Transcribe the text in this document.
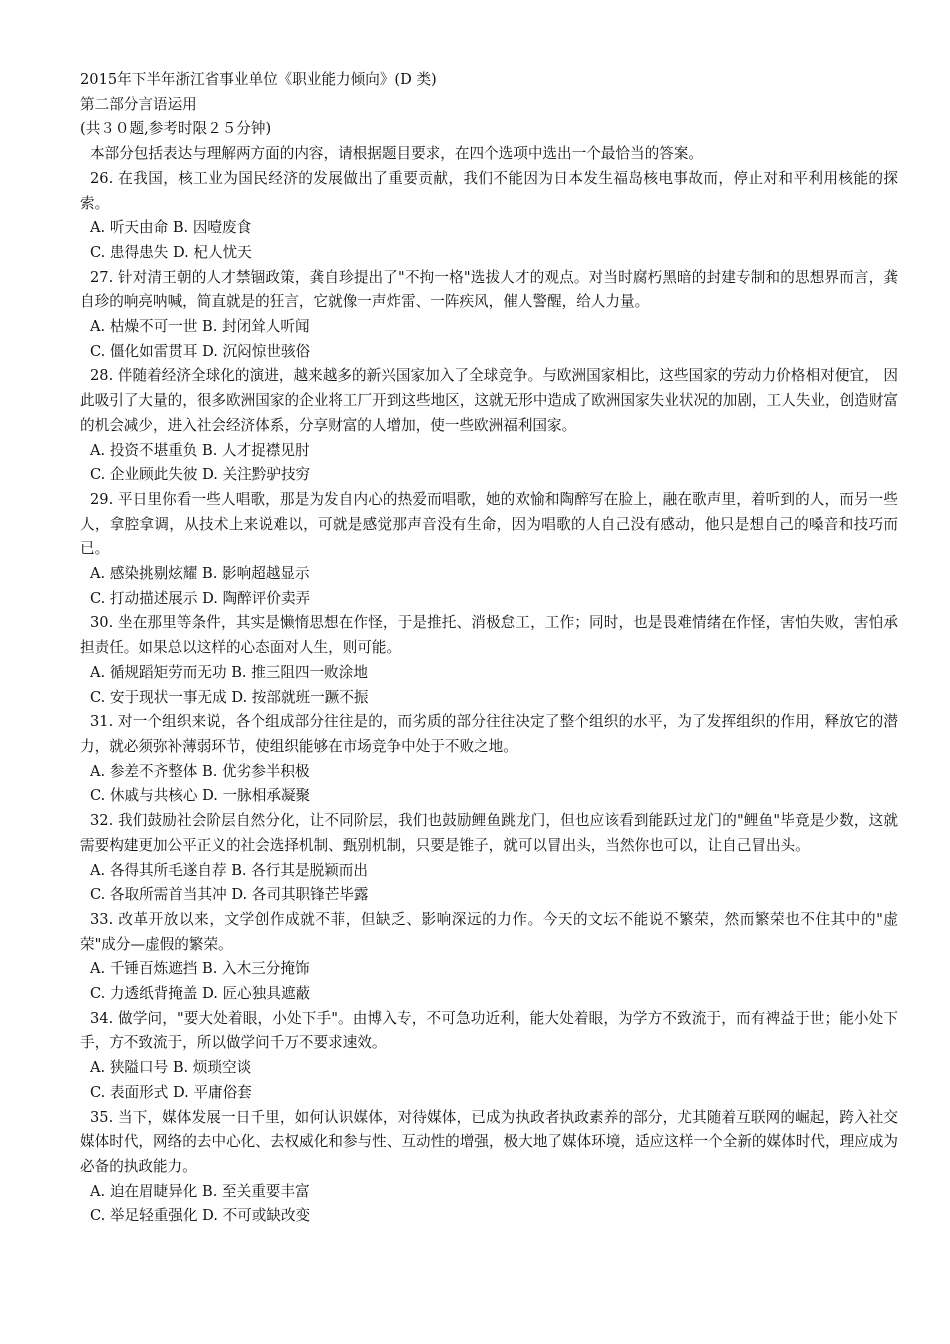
2015年下半年浙江省事业单位《职业能力倾向》(D 类)
第二部分言语运用
(共３０题,参考时限２５分钟)
本部分包括表达与理解两方面的内容，请根据题目要求，在四个选项中选出一个最恰当的答案。
26. 在我国，核工业为国民经济的发展做出了重要贡献，我们不能因为日本发生福岛核电事故而，停止对和平利用核能的探索。
A. 听天由命 B. 因噎废食
C. 患得患失 D. 杞人忧天
27. 针对清王朝的人才禁锢政策，龚自珍提出了"不拘一格"选拔人才的观点。对当时腐朽黑暗的封建专制和的思想界而言，龚自珍的响亮呐喊，简直就是的狂言，它就像一声炸雷、一阵疾风，催人警醒，给人力量。
A. 枯燥不可一世 B. 封闭耸人听闻
C. 僵化如雷贯耳 D. 沉闷惊世骇俗
28. 伴随着经济全球化的演进，越来越多的新兴国家加入了全球竞争。与欧洲国家相比，这些国家的劳动力价格相对便宜， 因此吸引了大量的，很多欧洲国家的企业将工厂开到这些地区，这就无形中造成了欧洲国家失业状况的加剧，工人失业，创造财富的机会减少，进入社会经济体系，分享财富的人增加，使一些欧洲福利国家。
A. 投资不堪重负 B. 人才捉襟见肘
C. 企业顾此失彼 D. 关注黔驴技穷
29. 平日里你看一些人唱歌，那是为发自内心的热爱而唱歌，她的欢愉和陶醉写在脸上，融在歌声里，着听到的人，而另一些人，拿腔拿调，从技术上来说难以，可就是感觉那声音没有生命，因为唱歌的人自己没有感动，他只是想自己的嗓音和技巧而已。
A. 感染挑剔炫耀 B. 影响超越显示
C. 打动描述展示 D. 陶醉评价卖弄
30. 坐在那里等条件，其实是懒惰思想在作怪，于是推托、消极怠工，工作；同时，也是畏难情绪在作怪，害怕失败，害怕承担责任。如果总以这样的心态面对人生，则可能。
A. 循规蹈矩劳而无功 B. 推三阻四一败涂地
C. 安于现状一事无成 D. 按部就班一蹶不振
31. 对一个组织来说，各个组成部分往往是的，而劣质的部分往往决定了整个组织的水平，为了发挥组织的作用，释放它的潜力，就必须弥补薄弱环节，使组织能够在市场竞争中处于不败之地。
A. 参差不齐整体 B. 优劣参半积极
C. 休戚与共核心 D. 一脉相承凝聚
32. 我们鼓励社会阶层自然分化，让不同阶层，我们也鼓励鲤鱼跳龙门，但也应该看到能跃过龙门的"鲤鱼"毕竟是少数，这就需要构建更加公平正义的社会选择机制、甄别机制，只要是锥子，就可以冒出头，当然你也可以，让自己冒出头。
A. 各得其所毛遂自荐 B. 各行其是脱颖而出
C. 各取所需首当其冲 D. 各司其职锋芒毕露
33. 改革开放以来，文学创作成就不菲，但缺乏、影响深远的力作。今天的文坛不能说不繁荣，然而繁荣也不住其中的"虚荣"成分—虚假的繁荣。
A. 千锤百炼遮挡 B. 入木三分掩饰
C. 力透纸背掩盖 D. 匠心独具遮蔽
34. 做学问，"要大处着眼，小处下手"。由博入专，不可急功近利，能大处着眼，为学方不致流于，而有裨益于世；能小处下手，方不致流于，所以做学问千万不要求速效。
A. 狭隘口号 B. 烦琐空谈
C. 表面形式 D. 平庸俗套
35. 当下，媒体发展一日千里，如何认识媒体，对待媒体，已成为执政者执政素养的部分，尤其随着互联网的崛起，跨入社交媒体时代，网络的去中心化、去权威化和参与性、互动性的增强，极大地了媒体环境，适应这样一个全新的媒体时代，理应成为必备的执政能力。
A. 迫在眉睫异化 B. 至关重要丰富
C. 举足轻重强化 D. 不可或缺改变
